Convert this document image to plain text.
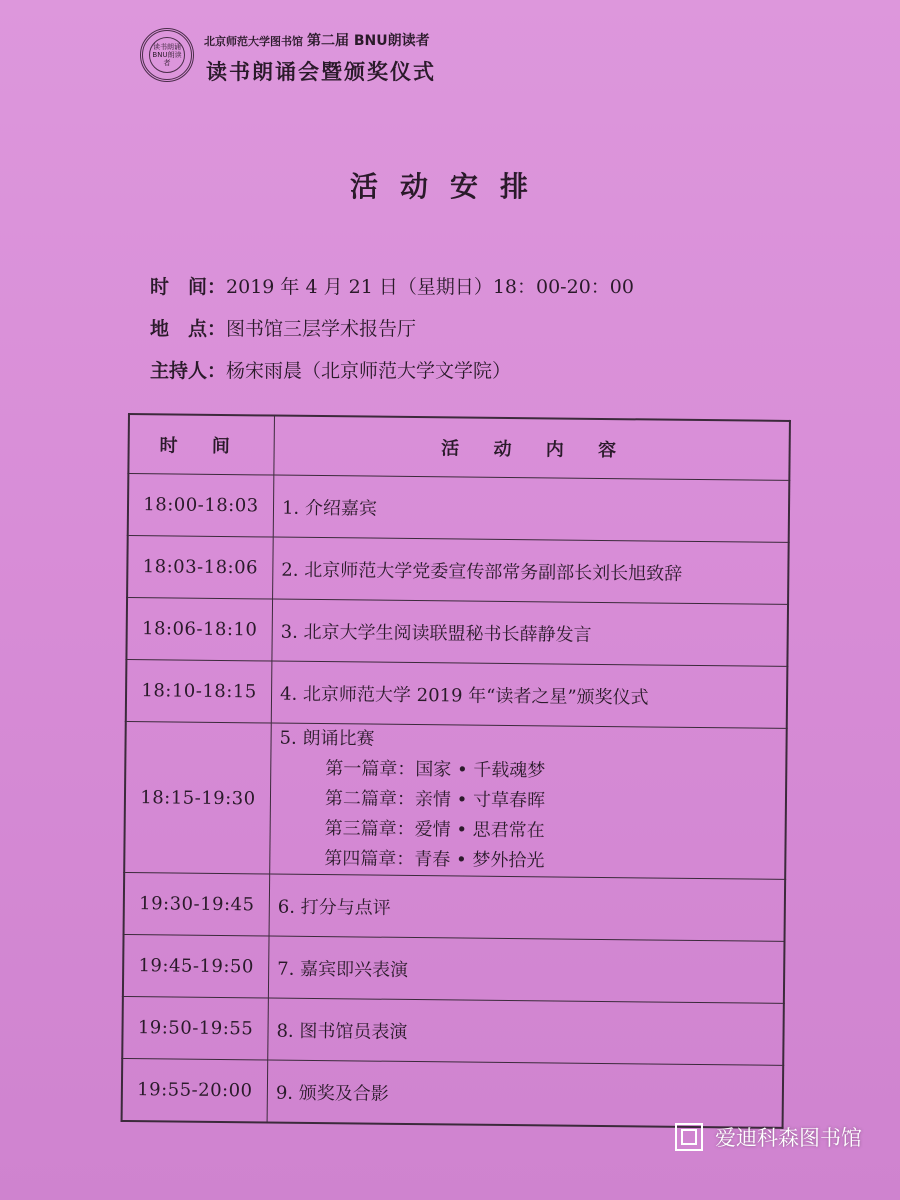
读书朗诵 BNU朗读者
北京师范大学图书馆 第二届 BNU朗读者
读书朗诵会暨颁奖仪式
活动安排
时　间：2019 年 4 月 21 日（星期日）18：00-20：00
地　点：图书馆三层学术报告厅
主持人：杨宋雨晨（北京师范大学文学院）
时 间	活 动 内 容
18:00-18:03	1. 介绍嘉宾
18:03-18:06	2. 北京师范大学党委宣传部常务副部长刘长旭致辞
18:06-18:10	3. 北京大学生阅读联盟秘书长薛静发言
18:10-18:15	4. 北京师范大学 2019 年“读者之星”颁奖仪式
18:15-19:30	5. 朗诵比赛
第一篇章：国家 • 千载魂梦
第二篇章：亲情 • 寸草春晖
第三篇章：爱情 • 思君常在
第四篇章：青春 • 梦外拾光

19:30-19:45	6. 打分与点评
19:45-19:50	7. 嘉宾即兴表演
19:50-19:55	8. 图书馆员表演
19:55-20:00	9. 颁奖及合影
爱迪科森图书馆
